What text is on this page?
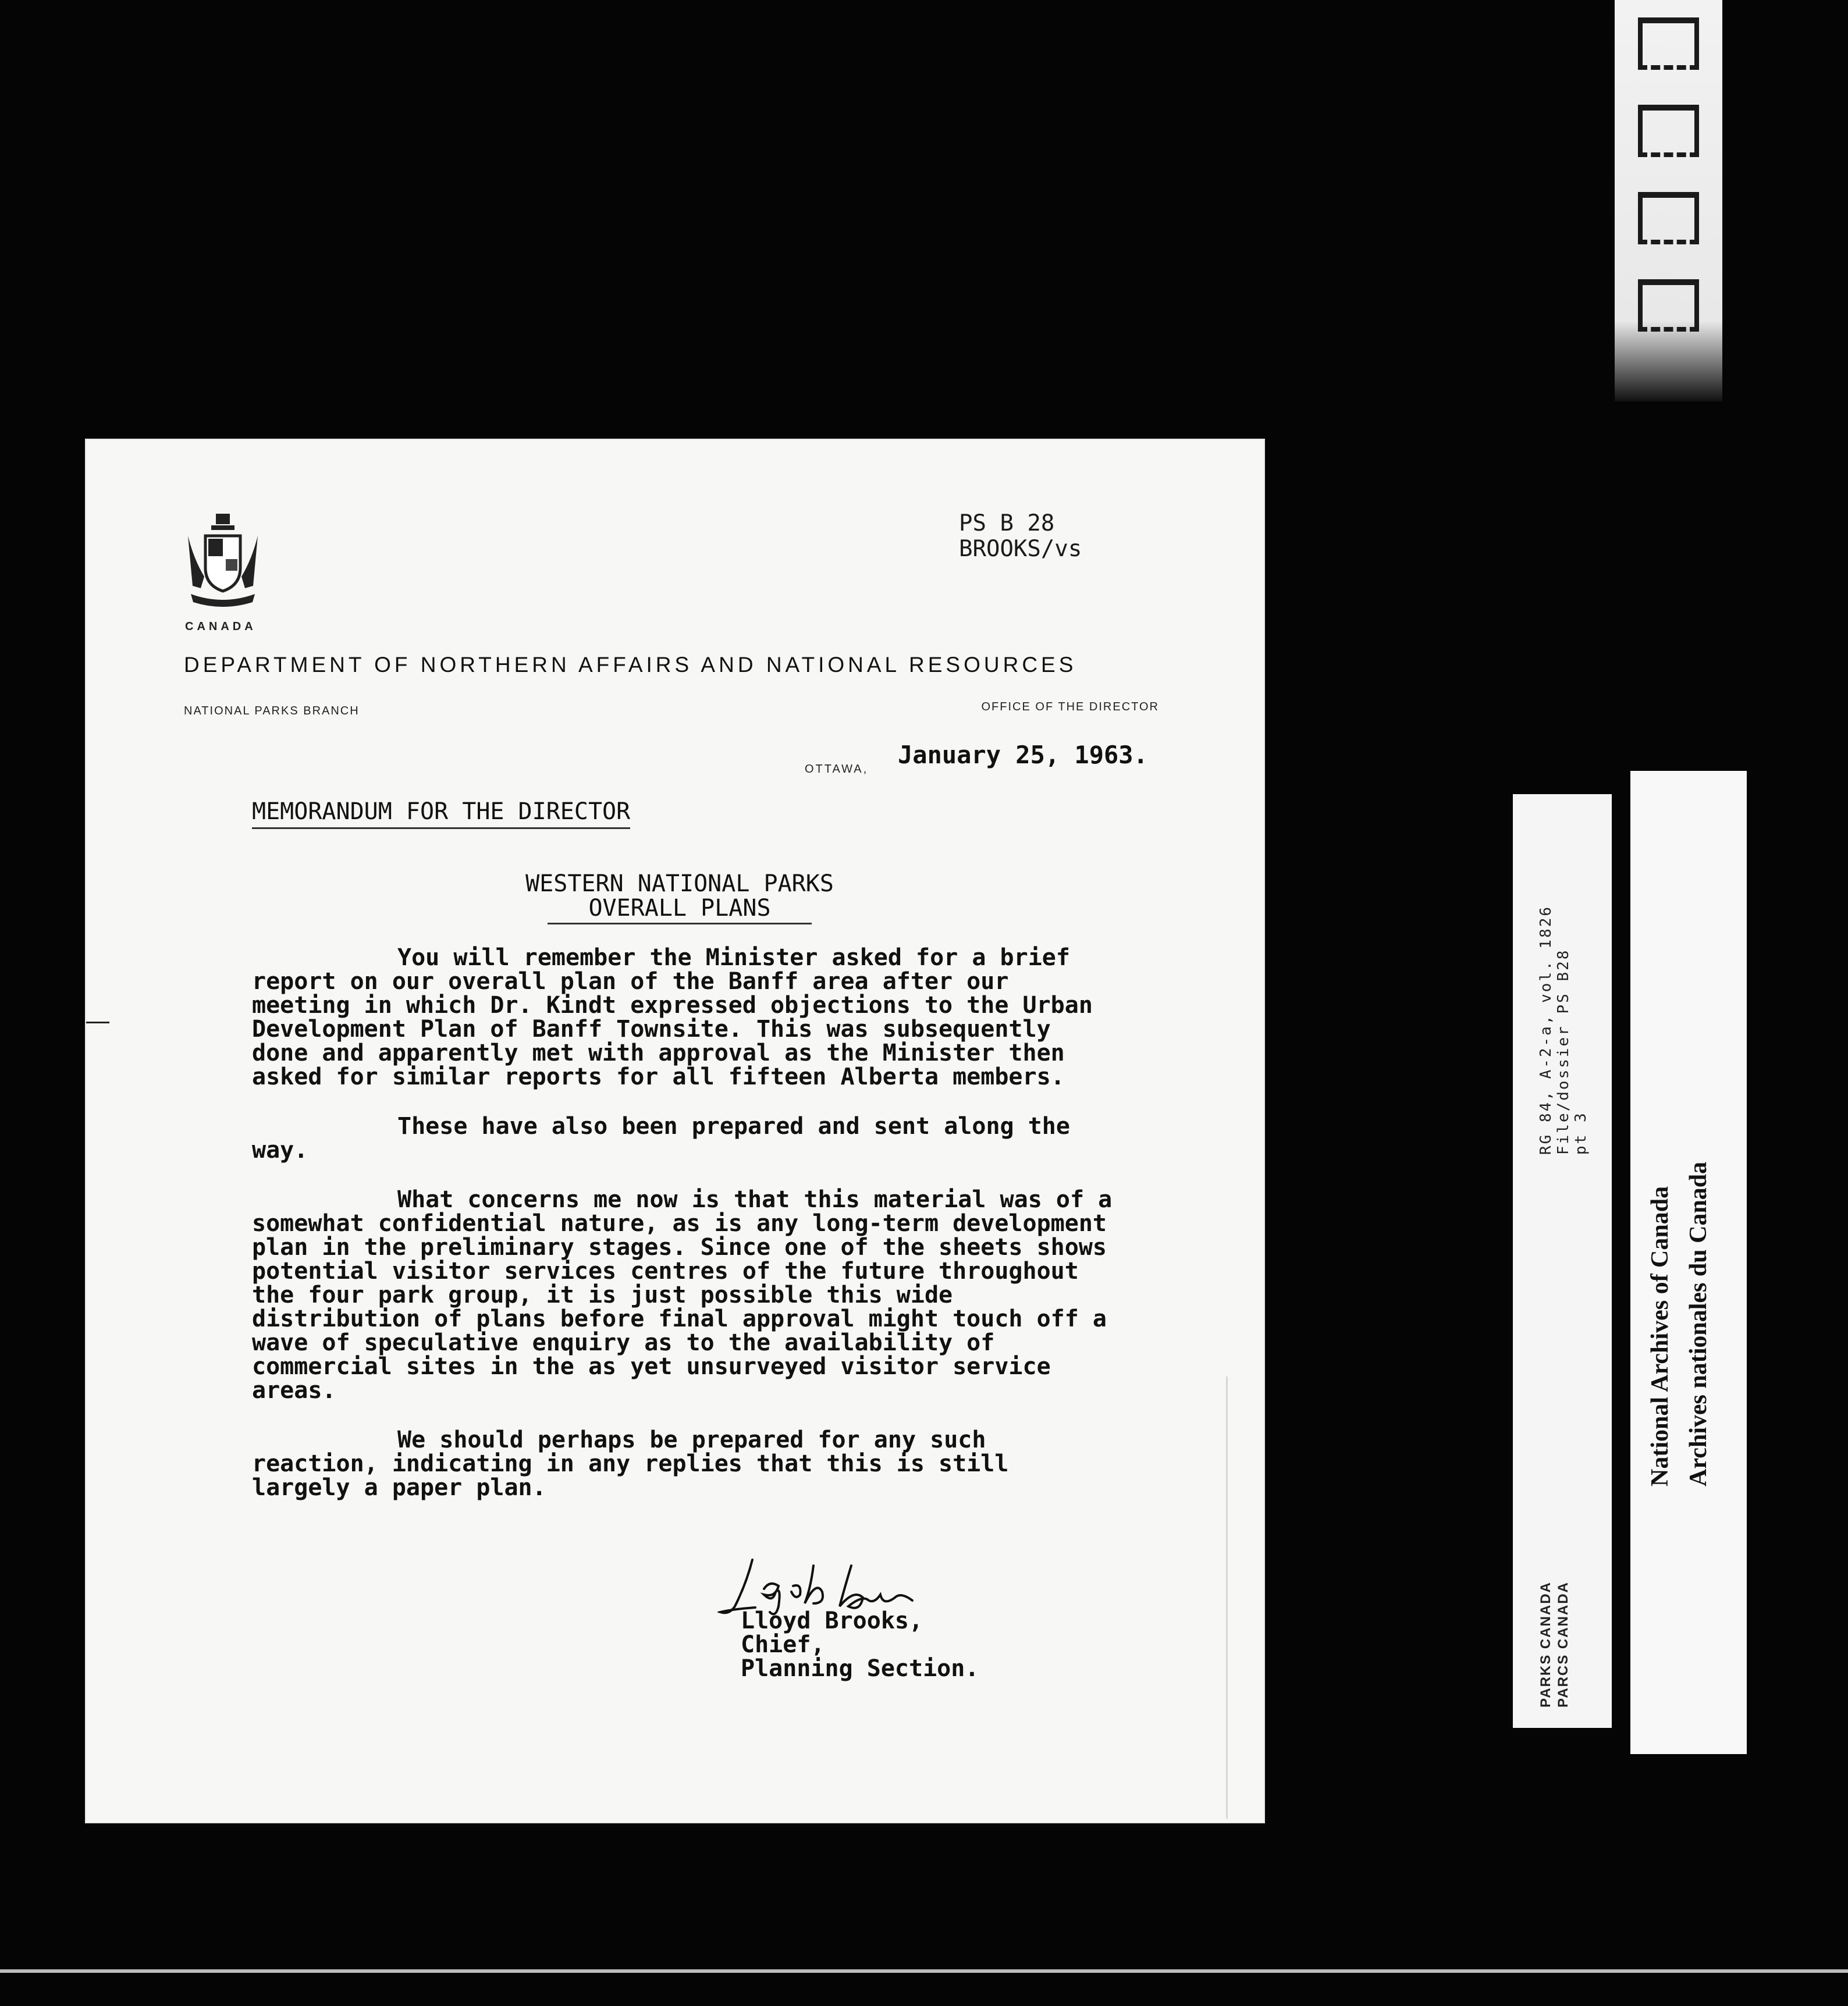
CANADA
DEPARTMENT OF NORTHERN AFFAIRS AND NATIONAL RESOURCES
NATIONAL PARKS BRANCH	OFFICE OF THE DIRECTOR
PS B 28
BROOKS/vs
OTTAWA, January 25, 1963.
MEMORANDUM FOR THE DIRECTOR
WESTERN NATIONAL PARKS
OVERALL PLANS

You will remember the Minister asked for a brief report on our overall plan of the Banff area after our meeting in which Dr. Kindt expressed objections to the Urban Development Plan of Banff Townsite. This was subsequently done and apparently met with approval as the Minister then asked for similar reports for all fifteen Alberta members.

These have also been prepared and sent along the way.

What concerns me now is that this material was of a somewhat confidential nature, as is any long-term development plan in the preliminary stages. Since one of the sheets shows potential visitor services centres of the future throughout the four park group, it is just possible this wide distribution of plans before final approval might touch off a wave of speculative enquiry as to the availability of commercial sites in the as yet unsurveyed visitor service areas.

We should perhaps be prepared for any such reaction, indicating in any replies that this is still largely a paper plan.

Lloyd Brooks,
Chief,
Planning Section.
RG 84, A-2-a, vol. 1826 File/dossier PS B28 pt 3
PARKS CANADA PARCS CANADA
National Archives of Canada Archives nationales du Canada
